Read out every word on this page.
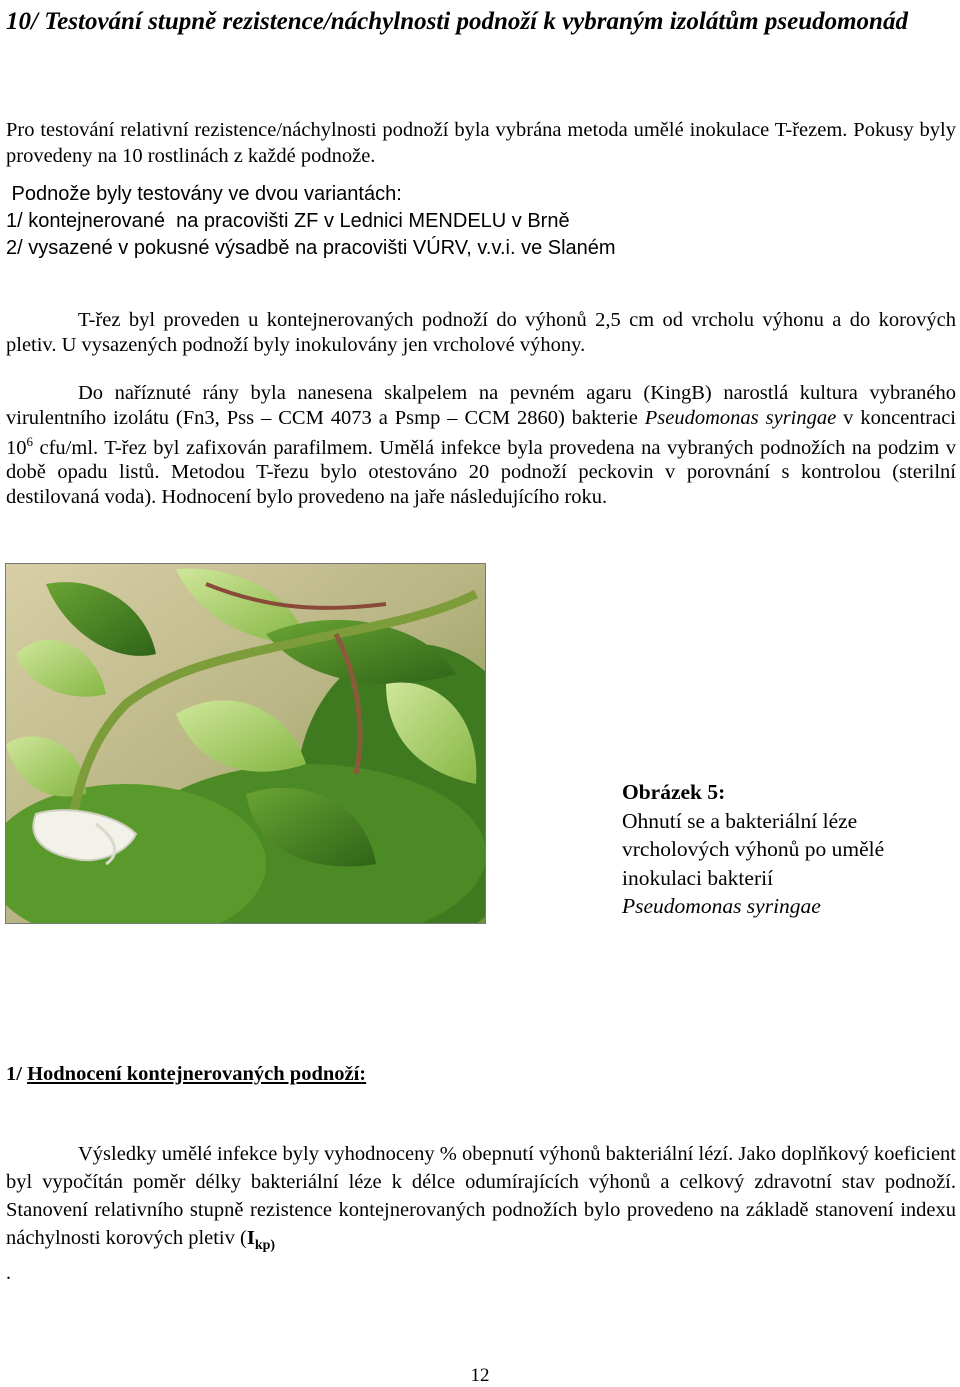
10/ Testování stupně rezistence/náchylnosti podnoží k vybraným izolátům pseudomonád

Pro testování relativní rezistence/náchylnosti podnoží byla vybrána metoda umělé inokulace T-řezem. Pokusy byly provedeny na 10 rostlinách z každé podnože.

Podnože byly testovány ve dvou variantách:
1/ kontejnerované  na pracovišti ZF v Lednici MENDELU v Brně
2/ vysazené v pokusné výsadbě na pracovišti VÚRV, v.v.i. ve Slaném

T-řez byl proveden u kontejnerovaných podnoží do výhonů 2,5 cm od vrcholu výhonu a do korových pletiv. U vysazených podnoží byly inokulovány jen vrcholové výhony.

Do naříznuté rány byla nanesena skalpelem na pevném agaru (KingB) narostlá kultura vybraného virulentního izolátu (Fn3, Pss – CCM 4073 a Psmp – CCM 2860) bakterie Pseudomonas syringae v koncentraci $10^6$ cfu/ml. T-řez byl zafixován parafilmem. Umělá infekce byla provedena na vybraných podnožích na podzim v době opadu listů. Metodou T-řezu bylo otestováno 20 podnoží peckovin v porovnání s kontrolou (sterilní destilovaná voda). Hodnocení bylo provedeno na jaře následujícího roku.

Obrázek 5:
Ohnutí se a bakteriální léze vrcholových výhonů po umělé inokulaci bakterií
Pseudomonas syringae
1/ Hodnocení kontejnerovaných podnoží:

Výsledky umělé infekce byly vyhodnoceny % obepnutí výhonů bakteriální lézí. Jako doplňkový koeficient byl vypočítán poměr délky bakteriální léze k délce odumírajících výhonů a celkový zdravotní stav podnoží. Stanovení relativního stupně rezistence kontejnerovaných podnožích bylo provedeno na základě stanovení indexu náchylnosti korových pletiv ($I_{kp)}$

.
12
